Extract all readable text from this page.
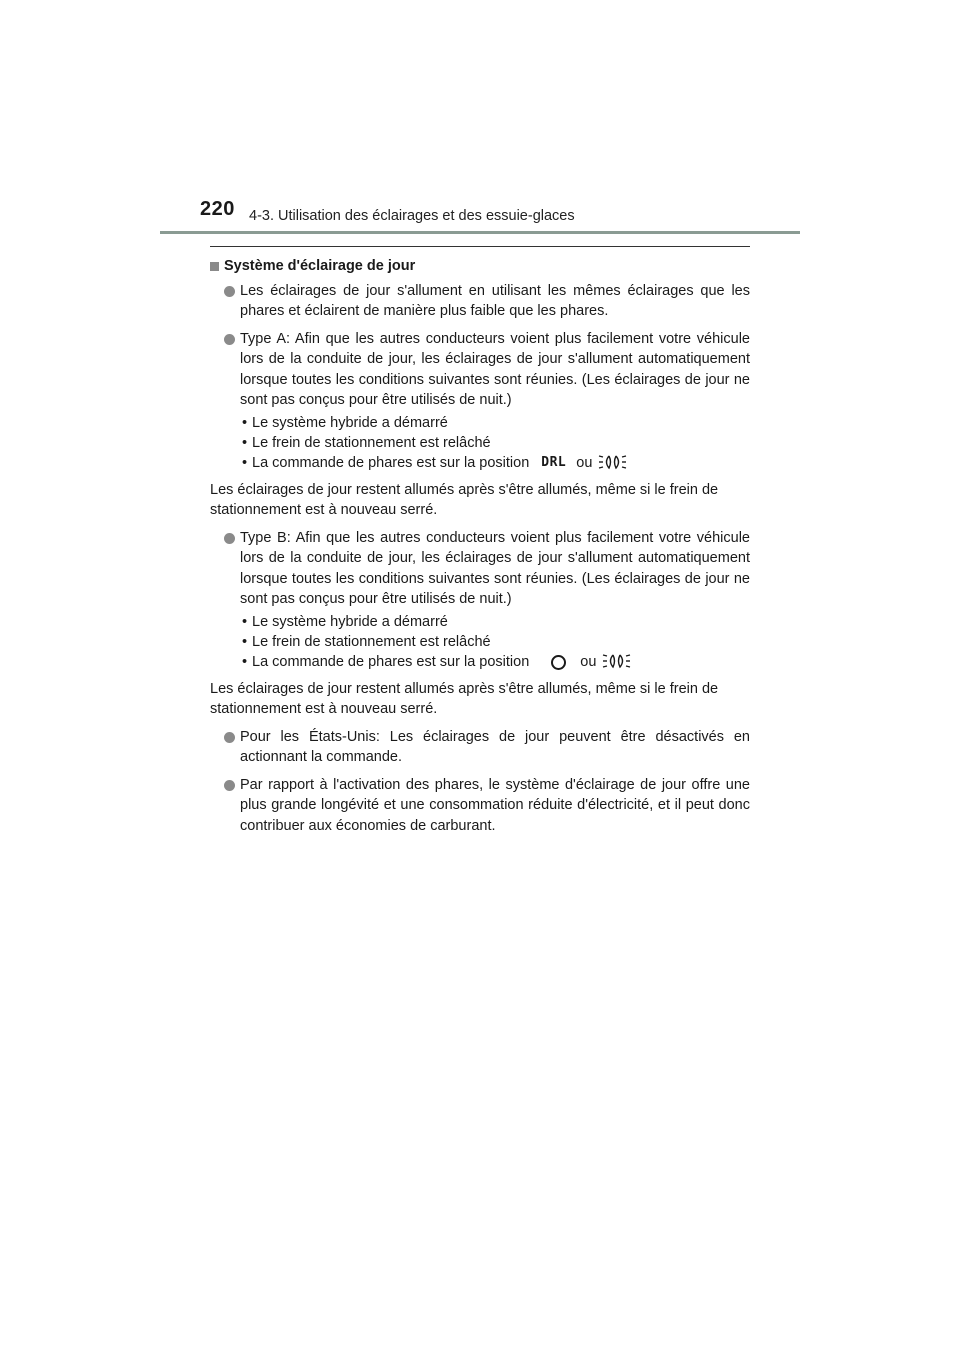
220 4-3. Utilisation des éclairages et des essuie-glaces
Système d'éclairage de jour
Les éclairages de jour s'allument en utilisant les mêmes éclairages que les phares et éclairent de manière plus faible que les phares.
Type A: Afin que les autres conducteurs voient plus facilement votre véhicule lors de la conduite de jour, les éclairages de jour s'allument automatiquement lorsque toutes les conditions suivantes sont réunies. (Les éclairages de jour ne sont pas conçus pour être utilisés de nuit.)
• Le système hybride a démarré
• Le frein de stationnement est relâché
• La commande de phares est sur la position DRL ou
Les éclairages de jour restent allumés après s'être allumés, même si le frein de stationnement est à nouveau serré.
Type B: Afin que les autres conducteurs voient plus facilement votre véhicule lors de la conduite de jour, les éclairages de jour s'allument automatiquement lorsque toutes les conditions suivantes sont réunies. (Les éclairages de jour ne sont pas conçus pour être utilisés de nuit.)
• Le système hybride a démarré
• Le frein de stationnement est relâché
• La commande de phares est sur la position	ou
Les éclairages de jour restent allumés après s'être allumés, même si le frein de stationnement est à nouveau serré.
Pour les États-Unis: Les éclairages de jour peuvent être désactivés en actionnant la commande.
Par rapport à l'activation des phares, le système d'éclairage de jour offre une plus grande longévité et une consommation réduite d'électricité, et il peut donc contribuer aux économies de carburant.
